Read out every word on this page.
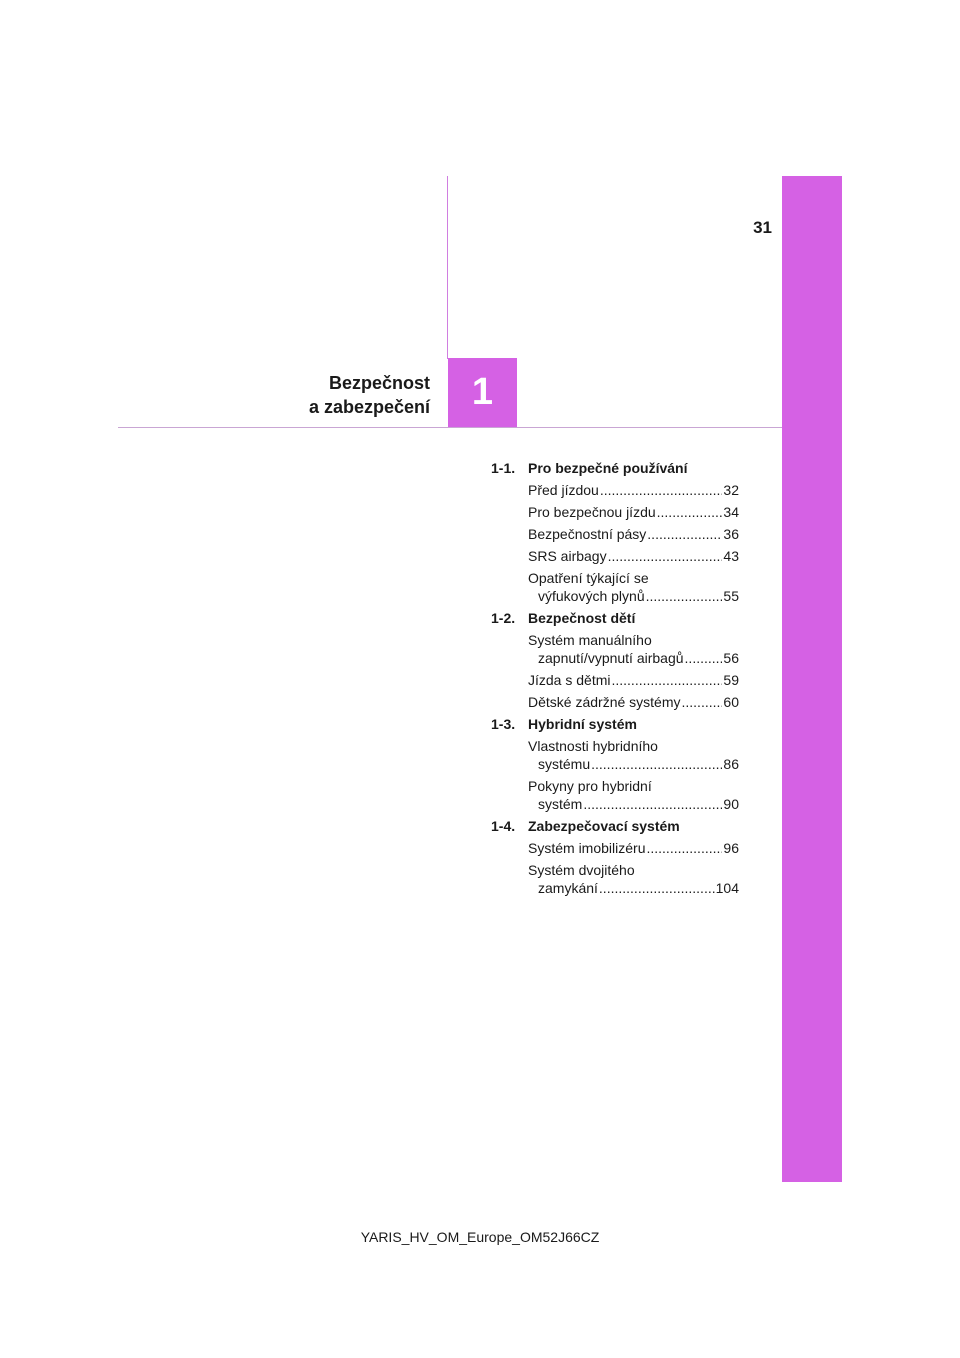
31
1
Bezpečnost
a zabezpečení
1-1. Pro bezpečné používání
Před jízdou .....	32
Pro bezpečnou jízdu .....	34
Bezpečnostní pásy .....	36
SRS airbagy .....	43
Opatření týkající se
výfukových plynů .....	55
1-2. Bezpečnost dětí
Systém manuálního
zapnutí/vypnutí airbagů .....	56
Jízda s dětmi .....	59
Dětské zádržné systémy .....	60
1-3. Hybridní systém
Vlastnosti hybridního
systému .....	86
Pokyny pro hybridní
systém .....	90
1-4. Zabezpečovací systém
Systém imobilizéru .....	96
Systém dvojitého
zamykání .....	104
YARIS_HV_OM_Europe_OM52J66CZ
